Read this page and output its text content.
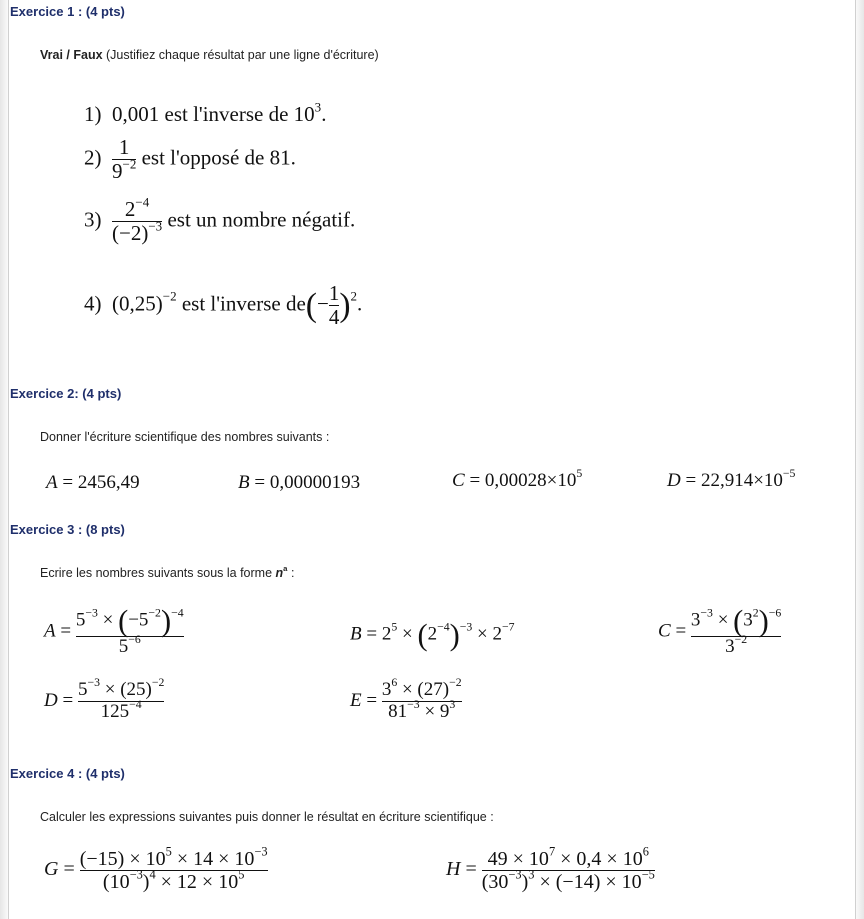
Exercice 1 : (4 pts)
Vrai / Faux (Justifiez chaque résultat par une ligne d'écriture)
1) 0,001 est l'inverse de $10^3$.
$2) \frac{1}{9^{-2}}$ est l'opposé de 81.
$3) \frac{2^{-4}}{(-2)^{-3}}$ est un nombre négatif.
4) $(0,25)^{-2}$ est l'inverse $de(- \frac{1}{4} )^2$.
Exercice 2: (4 pts)
Donner l'écriture scientifique des nombres suivants :
A = 2456,49	B = 0,00000193	$C = 0,00028\times 10^5$	$D = 22,914\times 10^{-5}$
Exercice 3 : (8 pts)
Ecrire les nombres suivants sous la forme $n^a$ :
$A = \frac{5^{-3} \times (-5^{-2})^{-4}}{5^{-6}}$	$B = 2^5 \times (2^{-4})^{-3} \times 2^{-7}$	$C = \frac{3^{-3} \times (3^2)^{-6}}{3^{-2}}$
$D = \frac{5^{-3} \times (25)^{-2}}{125^{-4}}$	$E = \frac{3^6 \times (27)^{-2}}{81^{-3} \times 9^3}$
Exercice 4 : (4 pts)
Calculer les expressions suivantes puis donner le résultat en écriture scientifique :
$G = \frac{(-15) \times 10^5 \times 14 \times 10^{-3}}{(10^{-3})^4 \times 12 \times 10^5}$	$H = \frac{49 \times 10^7 \times 0,4 \times 10^6}{(30^{-3})^3 \times (-14) \times 10^{-5}}$
